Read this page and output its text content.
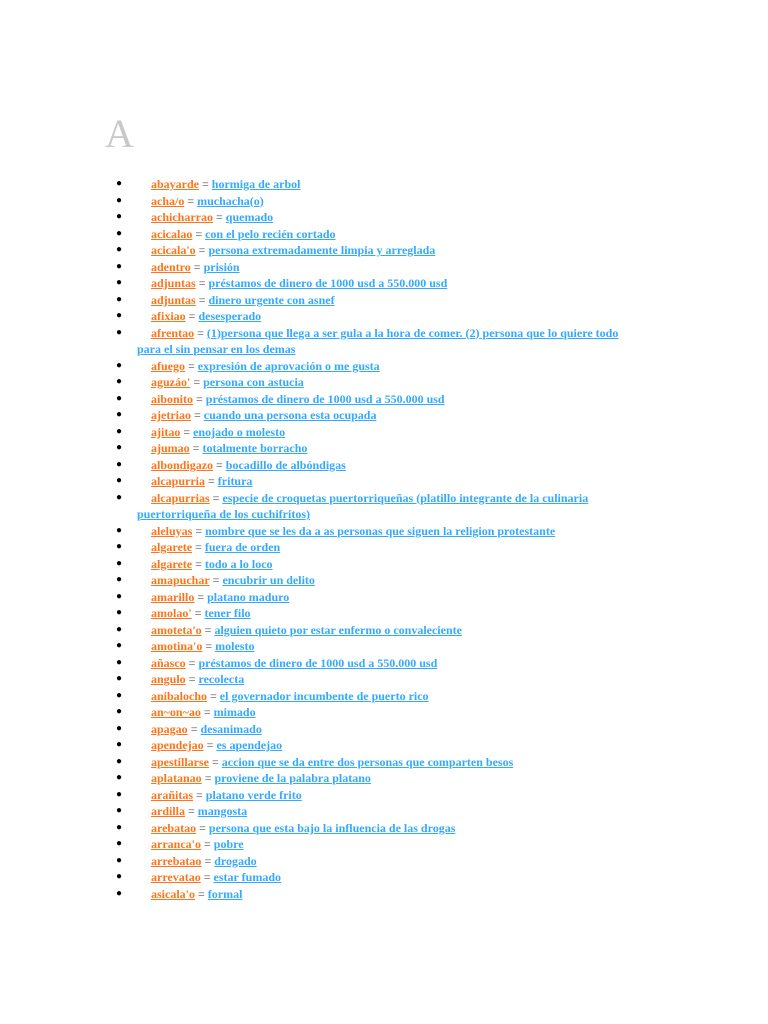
A
● abayarde = hormiga de arbol
● acha/o = muchacha(o)
● achicharrao = quemado
● acicalao = con el pelo recién cortado
● acicala'o = persona extremadamente limpia y arreglada
● adentro = prisión
● adjuntas = préstamos de dinero de 1000 usd a 550.000 usd
● adjuntas = dinero urgente con asnef
● afixiao = desesperado
● afrentao = (1)persona que llega a ser gula a la hora de comer. (2) persona que lo quiere todo para el sin pensar en los demas
● afuego = expresión de aprovación o me gusta
● aguzáo' = persona con astucia
● aibonito = préstamos de dinero de 1000 usd a 550.000 usd
● ajetriao = cuando una persona esta ocupada
● ajitao = enojado o molesto
● ajumao = totalmente borracho
● albondigazo = bocadillo de albóndigas
● alcapurria = fritura
● alcapurrias = especie de croquetas puertorriqueñas (platillo integrante de la culinaria puertorriqueña de los cuchifritos)
● aleluyas = nombre que se les da a as personas que siguen la religion protestante
● algarete = fuera de orden
● algarete = todo a lo loco
● amapuchar = encubrir un delito
● amarillo = platano maduro
● amolao' = tener filo
● amoteta'o = alguien quieto por estar enfermo o convaleciente
● amotina'o = molesto
● añasco = préstamos de dinero de 1000 usd a 550.000 usd
● angulo = recolecta
● anibalocho = el governador incumbente de puerto rico
● an~on~ao = mimado
● apagao = desanimado
● apendejao = es apendejao
● apestillarse = accion que se da entre dos personas que comparten besos
● aplatanao = proviene de la palabra platano
● arañitas = platano verde frito
● ardilla = mangosta
● arebatao = persona que esta bajo la influencia de las drogas
● arranca'o = pobre
● arrebatao = drogado
● arrevatao = estar fumado
● asicala'o = formal
